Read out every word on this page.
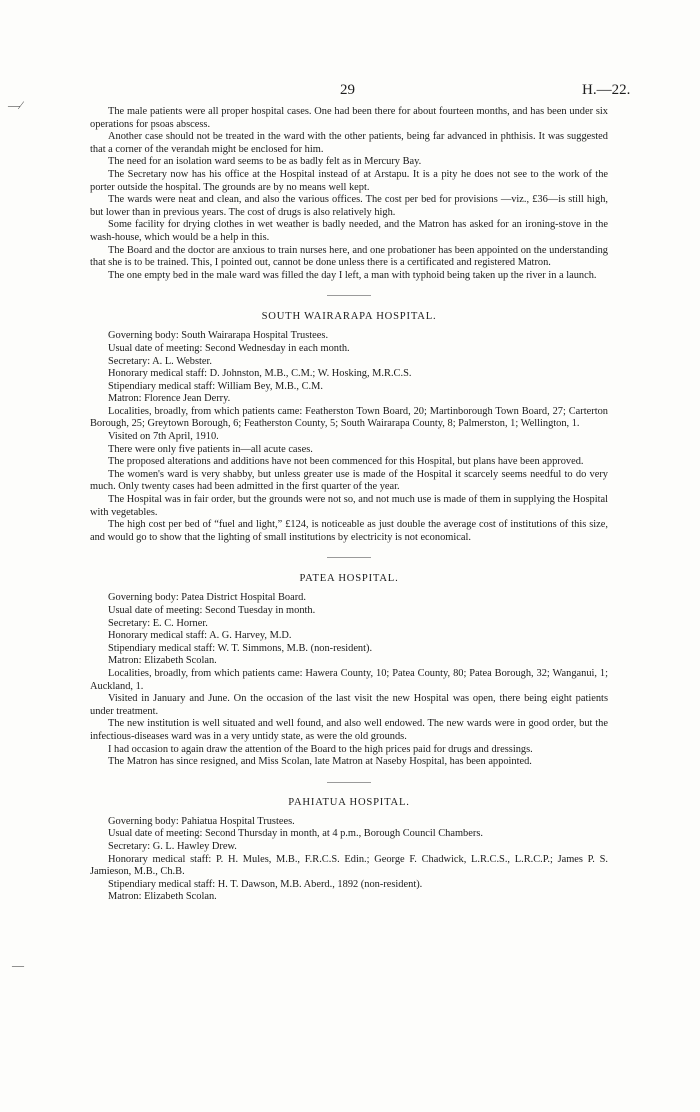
29	H.—22.
—⁄
—

The male patients were all proper hospital cases. One had been there for about fourteen months, and has been under six operations for psoas abscess.

Another case should not be treated in the ward with the other patients, being far advanced in phthisis. It was suggested that a corner of the verandah might be enclosed for him.

The need for an isolation ward seems to be as badly felt as in Mercury Bay.

The Secretary now has his office at the Hospital instead of at Arstapu. It is a pity he does not see to the work of the porter outside the hospital. The grounds are by no means well kept.

The wards were neat and clean, and also the various offices. The cost per bed for provisions —viz., £36—is still high, but lower than in previous years. The cost of drugs is also relatively high.

Some facility for drying clothes in wet weather is badly needed, and the Matron has asked for an ironing-stove in the wash-house, which would be a help in this.

The Board and the doctor are anxious to train nurses here, and one probationer has been appointed on the understanding that she is to be trained. This, I pointed out, cannot be done unless there is a certificated and registered Matron.

The one empty bed in the male ward was filled the day I left, a man with typhoid being taken up the river in a launch.

SOUTH WAIRARAPA HOSPITAL.

Governing body: South Wairarapa Hospital Trustees.

Usual date of meeting: Second Wednesday in each month.

Secretary: A. L. Webster.

Honorary medical staff: D. Johnston, M.B., C.M.; W. Hosking, M.R.C.S.

Stipendiary medical staff: William Bey, M.B., C.M.

Matron: Florence Jean Derry.

Localities, broadly, from which patients came: Featherston Town Board, 20; Martinborough Town Board, 27; Carterton Borough, 25; Greytown Borough, 6; Featherston County, 5; South Wairarapa County, 8; Palmerston, 1; Wellington, 1.

Visited on 7th April, 1910.

There were only five patients in—all acute cases.

The proposed alterations and additions have not been commenced for this Hospital, but plans have been approved.

The women's ward is very shabby, but unless greater use is made of the Hospital it scarcely seems needful to do very much. Only twenty cases had been admitted in the first quarter of the year.

The Hospital was in fair order, but the grounds were not so, and not much use is made of them in supplying the Hospital with vegetables.

The high cost per bed of “fuel and light,” £124, is noticeable as just double the average cost of institutions of this size, and would go to show that the lighting of small institutions by electricity is not economical.

PATEA HOSPITAL.

Governing body: Patea District Hospital Board.

Usual date of meeting: Second Tuesday in month.

Secretary: E. C. Horner.

Honorary medical staff: A. G. Harvey, M.D.

Stipendiary medical staff: W. T. Simmons, M.B. (non-resident).

Matron: Elizabeth Scolan.

Localities, broadly, from which patients came: Hawera County, 10; Patea County, 80; Patea Borough, 32; Wanganui, 1; Auckland, 1.

Visited in January and June. On the occasion of the last visit the new Hospital was open, there being eight patients under treatment.

The new institution is well situated and well found, and also well endowed. The new wards were in good order, but the infectious-diseases ward was in a very untidy state, as were the old grounds.

I had occasion to again draw the attention of the Board to the high prices paid for drugs and dressings.

The Matron has since resigned, and Miss Scolan, late Matron at Naseby Hospital, has been appointed.

PAHIATUA HOSPITAL.

Governing body: Pahiatua Hospital Trustees.

Usual date of meeting: Second Thursday in month, at 4 p.m., Borough Council Chambers.

Secretary: G. L. Hawley Drew.

Honorary medical staff: P. H. Mules, M.B., F.R.C.S. Edin.; George F. Chadwick, L.R.C.S., L.R.C.P.; James P. S. Jamieson, M.B., Ch.B.

Stipendiary medical staff: H. T. Dawson, M.B. Aberd., 1892 (non-resident).

Matron: Elizabeth Scolan.
